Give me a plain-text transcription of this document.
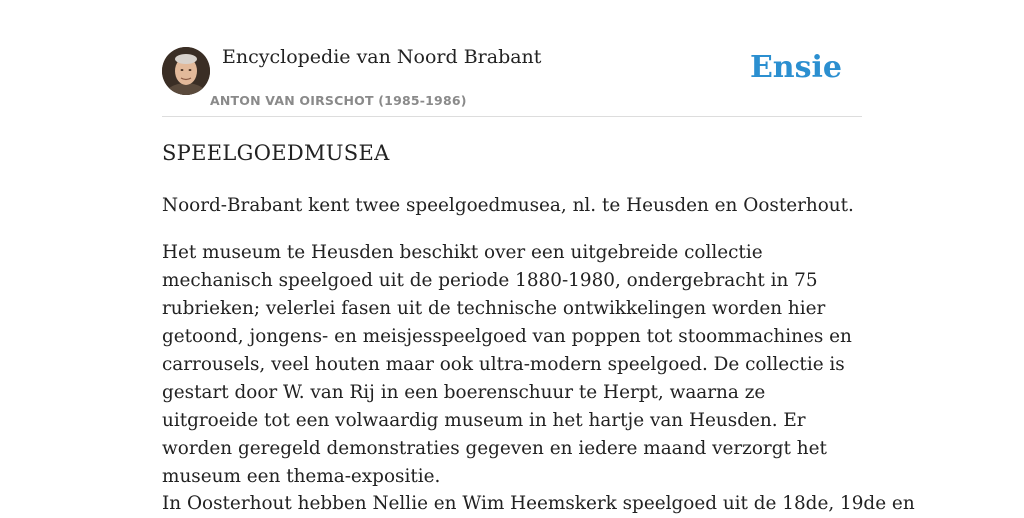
Encyclopedie van Noord Brabant
ANTON VAN OIRSCHOT (1985-1986)
Ensie
SPEELGOEDMUSEA

Noord-Brabant kent twee speelgoedmusea, nl. te Heusden en Oosterhout.

Het museum te Heusden beschikt over een uitgebreide collectie mechanisch speelgoed uit de periode 1880-1980, ondergebracht in 75 rubrieken; velerlei fasen uit de technische ontwikkelingen worden hier getoond, jongens- en meisjesspeelgoed van poppen tot stoommachines en carrousels, veel houten maar ook ultra-modern speelgoed. De collectie is gestart door W. van Rij in een boerenschuur te Herpt, waarna ze uitgroeide tot een volwaardig museum in het hartje van Heusden. Er worden geregeld demonstraties gegeven en iedere maand verzorgt het museum een thema-expositie.

In Oosterhout hebben Nellie en Wim Heemskerk speelgoed uit de 18de, 19de en
